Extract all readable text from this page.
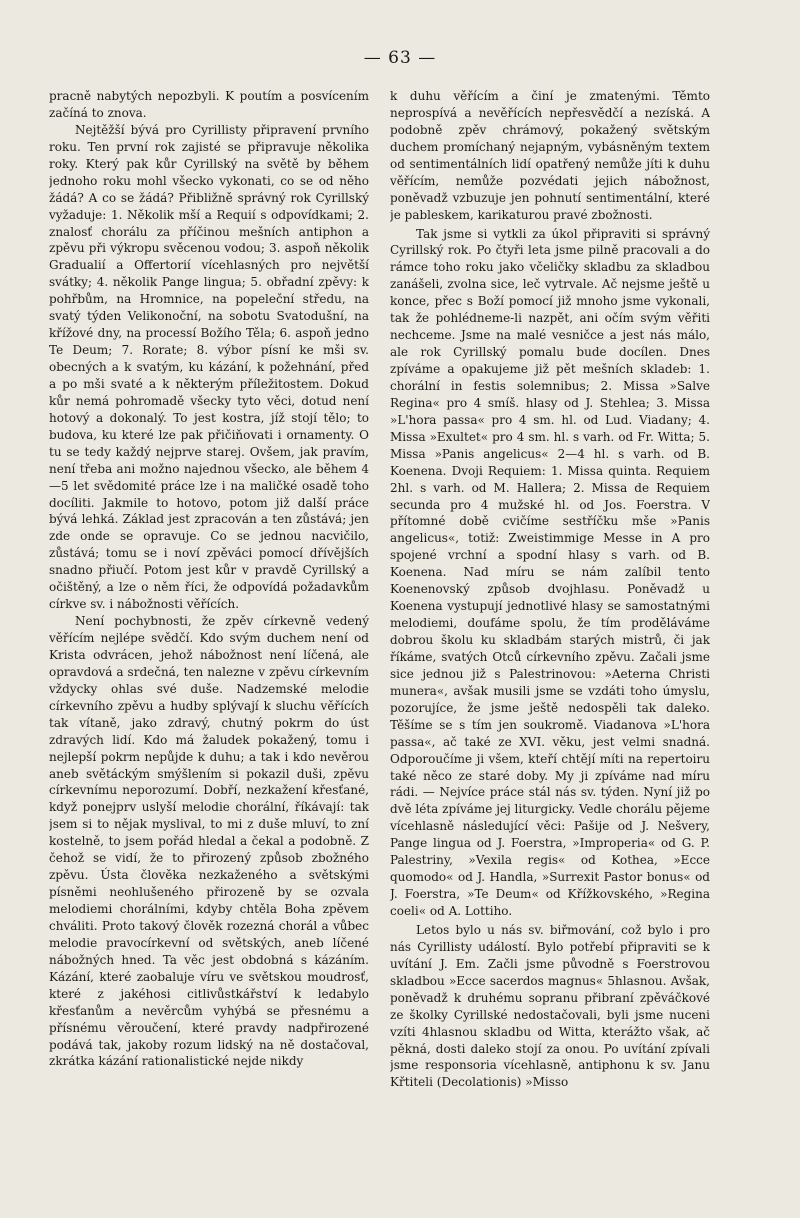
— 63 —

pracně nabytých nepozbyli. K poutím a posvícením začíná to znova.

Nejtěžší bývá pro Cyrillisty připravení prvního roku. Ten první rok zajisté se připravuje několika roky. Který pak kůr Cyrillský na světě by během jednoho roku mohl všecko vykonati, co se od něho žádá? A co se žádá? Přibližně správný rok Cyrillský vyžaduje: 1. Několik mší a Requií s odpovídkami; 2. znalosť chorálu za příčinou mešních antiphon a zpěvu při výkropu svěcenou vodou; 3. aspoň několik Gradualií a Offertorií vícehlasných pro největší svátky; 4. několik Pange lingua; 5. obřadní zpěvy: k pohřbům, na Hromnice, na popeleční středu, na svatý týden Velikonoční, na sobotu Svatodušní, na křížové dny, na processí Božího Těla; 6. aspoň jedno Te Deum; 7. Rorate; 8. výbor písní ke mši sv. obecných a k svatým, ku kázání, k požehnání, před a po mši svaté a k některým příležitostem. Dokud kůr nemá pohromadě všecky tyto věci, dotud není hotový a dokonalý. To jest kostra, jíž stojí tělo; to budova, ku které lze pak přičiňovati i ornamenty. O tu se tedy každý nejprve starej. Ovšem, jak pravím, není třeba ani možno najednou všecko, ale během 4—5 let svědomité práce lze i na maličké osadě toho docíliti. Jakmile to hotovo, potom již další práce bývá lehká. Základ jest zpracován a ten zůstává; jen zde onde se opravuje. Co se jednou nacvičilo, zůstává; tomu se i noví zpěváci pomocí dřívějších snadno přiučí. Potom jest kůr v pravdě Cyrillský a očištěný, a lze o něm říci, že odpovídá požadavkům církve sv. i nábožnosti věřících.

Není pochybnosti, že zpěv církevně vedený věřícím nejlépe svědčí. Kdo svým duchem není od Krista odvrácen, jehož nábožnost není líčená, ale opravdová a srdečná, ten nalezne v zpěvu církevním vždycky ohlas své duše. Nadzemské melodie církevního zpěvu a hudby splývají k sluchu věřících tak vítaně, jako zdravý, chutný pokrm do úst zdravých lidí. Kdo má žaludek pokažený, tomu i nejlepší pokrm nepůjde k duhu; a tak i kdo nevěrou aneb světáckým smýšlením si pokazil duši, zpěvu církevnímu neporozumí. Dobří, nezkažení křesťané, když ponejprv uslyší melodie chorální, říkávají: tak jsem si to nějak myslival, to mi z duše mluví, to zní kostelně, to jsem pořád hledal a čekal a podobně. Z čehož se vidí, že to přirozený způsob zbožného zpěvu. Ústa člověka nezkaženého a světskými písněmi neohlušeného přirozeně by se ozvala melodiemi chorálními, kdyby chtěla Boha zpěvem chváliti. Proto takový člověk rozezná chorál a vůbec melodie pravocírkevní od světských, aneb líčené nábožných hned. Ta věc jest obdobná s kázáním. Kázání, které zaobaluje víru ve světskou moudrosť, které z jakéhosi citlivůstkářství k ledabylo křesťanům a nevěrcům vyhýbá se přesnému a přísnému věroučení, které pravdy nadpřirozené podává tak, jakoby rozum lidský na ně dostačoval, zkrátka kázání rationalistické nejde nikdy

k duhu věřícím a činí je zmatenými. Těmto neprospívá a nevěřících nepřesvědčí a nezíská. A podobně zpěv chrámový, pokažený světským duchem promíchaný nejapným, vybásněným textem od sentimentálních lidí opatřený nemůže jíti k duhu věřícím, nemůže pozvédati jejich nábožnost, poněvadž vzbuzuje jen pohnutí sentimentální, které je pableskem, karikaturou pravé zbožnosti.

Tak jsme si vytkli za úkol připraviti si správný Cyrillský rok. Po čtyři leta jsme pilně pracovali a do rámce toho roku jako včeličky skladbu za skladbou zanášeli, zvolna sice, leč vytrvale. Ač nejsme ještě u konce, přec s Boží pomocí již mnoho jsme vykonali, tak že pohlédneme-li nazpět, ani očím svým věřiti nechceme. Jsme na malé vesničce a jest nás málo, ale rok Cyrillský pomalu bude docílen. Dnes zpíváme a opakujeme již pět mešních skladeb: 1. chorální in festis solemnibus; 2. Missa »Salve Regina« pro 4 smíš. hlasy od J. Stehlea; 3. Missa »L'hora passa« pro 4 sm. hl. od Lud. Viadany; 4. Missa »Exultet« pro 4 sm. hl. s varh. od Fr. Witta; 5. Missa »Panis angelicus« 2—4 hl. s varh. od B. Koenena. Dvoji Requiem: 1. Missa quinta. Requiem 2hl. s varh. od M. Hallera; 2. Missa de Requiem secunda pro 4 mužské hl. od Jos. Foerstra. V přítomné době cvičíme sestříčku mše »Panis angelicus«, totiž: Zweistimmige Messe in A pro spojené vrchní a spodní hlasy s varh. od B. Koenena. Nad míru se nám zalíbil tento Koenenovský způsob dvojhlasu. Poněvadž u Koenena vystupují jednotlivé hlasy se samostatnými melodiemi, doufáme spolu, že tím proděláváme dobrou školu ku skladbám starých mistrů, či jak říkáme, svatých Otců církevního zpěvu. Začali jsme sice jednou již s Palestrinovou: »Aeterna Christi munera«, avšak musili jsme se vzdáti toho úmyslu, pozorujíce, že jsme ještě nedospěli tak daleko. Těšíme se s tím jen soukromě. Viadanova »L'hora passa«, ač také ze XVI. věku, jest velmi snadná. Odporoučíme ji všem, kteří chtějí míti na repertoiru také něco ze staré doby. My ji zpíváme nad míru rádi. — Nejvíce práce stál nás sv. týden. Nyní již po dvě léta zpíváme jej liturgicky. Vedle chorálu pějeme vícehlasně následující věci: Pašije od J. Nešvery, Pange lingua od J. Foerstra, »Improperia« od G. P. Palestriny, »Vexila regis« od Kothea, »Ecce quomodo« od J. Handla, »Surrexit Pastor bonus« od J. Foerstra, »Te Deum« od Křížkovského, »Regina coeli« od A. Lottiho.

Letos bylo u nás sv. biřmování, což bylo i pro nás Cyrillisty událostí. Bylo potřebí připraviti se k uvítání J. Em. Začli jsme původně s Foerstrovou skladbou »Ecce sacerdos magnus« 5hlasnou. Avšak, poněvadž k druhému sopranu přibraní zpěváčkové ze školky Cyrillské nedostačovali, byli jsme nuceni vzíti 4hlasnou skladbu od Witta, kterážto však, ač pěkná, dosti daleko stojí za onou. Po uvítání zpívali jsme responsoria vícehlasně, antiphonu k sv. Janu Křtiteli (Decolationis) »Misso
